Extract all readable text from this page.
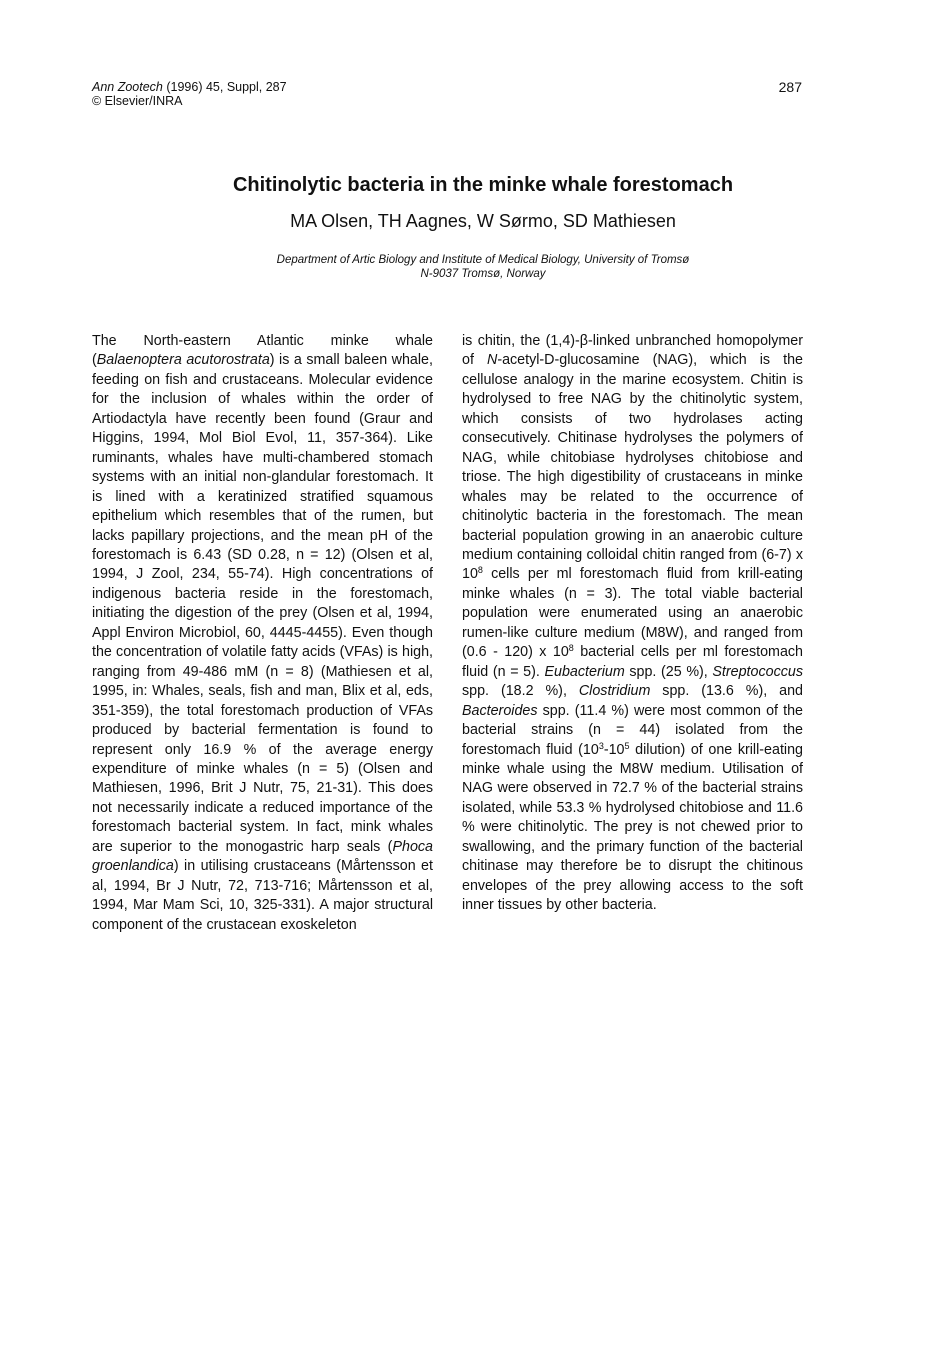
Ann Zootech (1996) 45, Suppl, 287
© Elsevier/INRA
287
Chitinolytic bacteria in the minke whale forestomach
MA Olsen, TH Aagnes, W Sørmo, SD Mathiesen
Department of Artic Biology and Institute of Medical Biology, University of Tromsø
N-9037 Tromsø, Norway
The North-eastern Atlantic minke whale (Balaenoptera acutorostrata) is a small baleen whale, feeding on fish and crustaceans. Molecular evidence for the inclusion of whales within the order of Artiodactyla have recently been found (Graur and Higgins, 1994, Mol Biol Evol, 11, 357-364). Like ruminants, whales have multi-chambered stomach systems with an initial non-glandular forestomach. It is lined with a keratinized stratified squamous epithelium which resembles that of the rumen, but lacks papillary projections, and the mean pH of the forestomach is 6.43 (SD 0.28, n = 12) (Olsen et al, 1994, J Zool, 234, 55-74). High concentrations of indigenous bacteria reside in the forestomach, initiating the digestion of the prey (Olsen et al, 1994, Appl Environ Microbiol, 60, 4445-4455). Even though the concentration of volatile fatty acids (VFAs) is high, ranging from 49-486 mM (n = 8) (Mathiesen et al, 1995, in: Whales, seals, fish and man, Blix et al, eds, 351-359), the total forestomach production of VFAs produced by bacterial fermentation is found to represent only 16.9 % of the average energy expenditure of minke whales (n = 5) (Olsen and Mathiesen, 1996, Brit J Nutr, 75, 21-31). This does not necessarily indicate a reduced importance of the forestomach bacterial system. In fact, mink whales are superior to the monogastric harp seals (Phoca groenlandica) in utilising crustaceans (Mårtensson et al, 1994, Br J Nutr, 72, 713-716; Mårtensson et al, 1994, Mar Mam Sci, 10, 325-331). A major structural component of the crustacean exoskeleton
is chitin, the (1,4)-β-linked unbranched homopolymer of N-acetyl-D-glucosamine (NAG), which is the cellulose analogy in the marine ecosystem. Chitin is hydrolysed to free NAG by the chitinolytic system, which consists of two hydrolases acting consecutively. Chitinase hydrolyses the polymers of NAG, while chitobiase hydrolyses chitobiose and triose. The high digestibility of crustaceans in minke whales may be related to the occurrence of chitinolytic bacteria in the forestomach. The mean bacterial population growing in an anaerobic culture medium containing colloidal chitin ranged from (6-7) x $10^8$ cells per ml forestomach fluid from krill-eating minke whales (n = 3). The total viable bacterial population were enumerated using an anaerobic rumen-like culture medium (M8W), and ranged from (0.6 - 120) x $10^8$ bacterial cells per ml forestomach fluid (n = 5). Eubacterium spp. (25 %), Streptococcus spp. (18.2 %), Clostridium spp. (13.6 %), and Bacteroides spp. (11.4 %) were most common of the bacterial strains (n = 44) isolated from the forestomach fluid ($10^3-10^5$ dilution) of one krill-eating minke whale using the M8W medium. Utilisation of NAG were observed in 72.7 % of the bacterial strains isolated, while 53.3 % hydrolysed chitobiose and 11.6 % were chitinolytic. The prey is not chewed prior to swallowing, and the primary function of the bacterial chitinase may therefore be to disrupt the chitinous envelopes of the prey allowing access to the soft inner tissues by other bacteria.
